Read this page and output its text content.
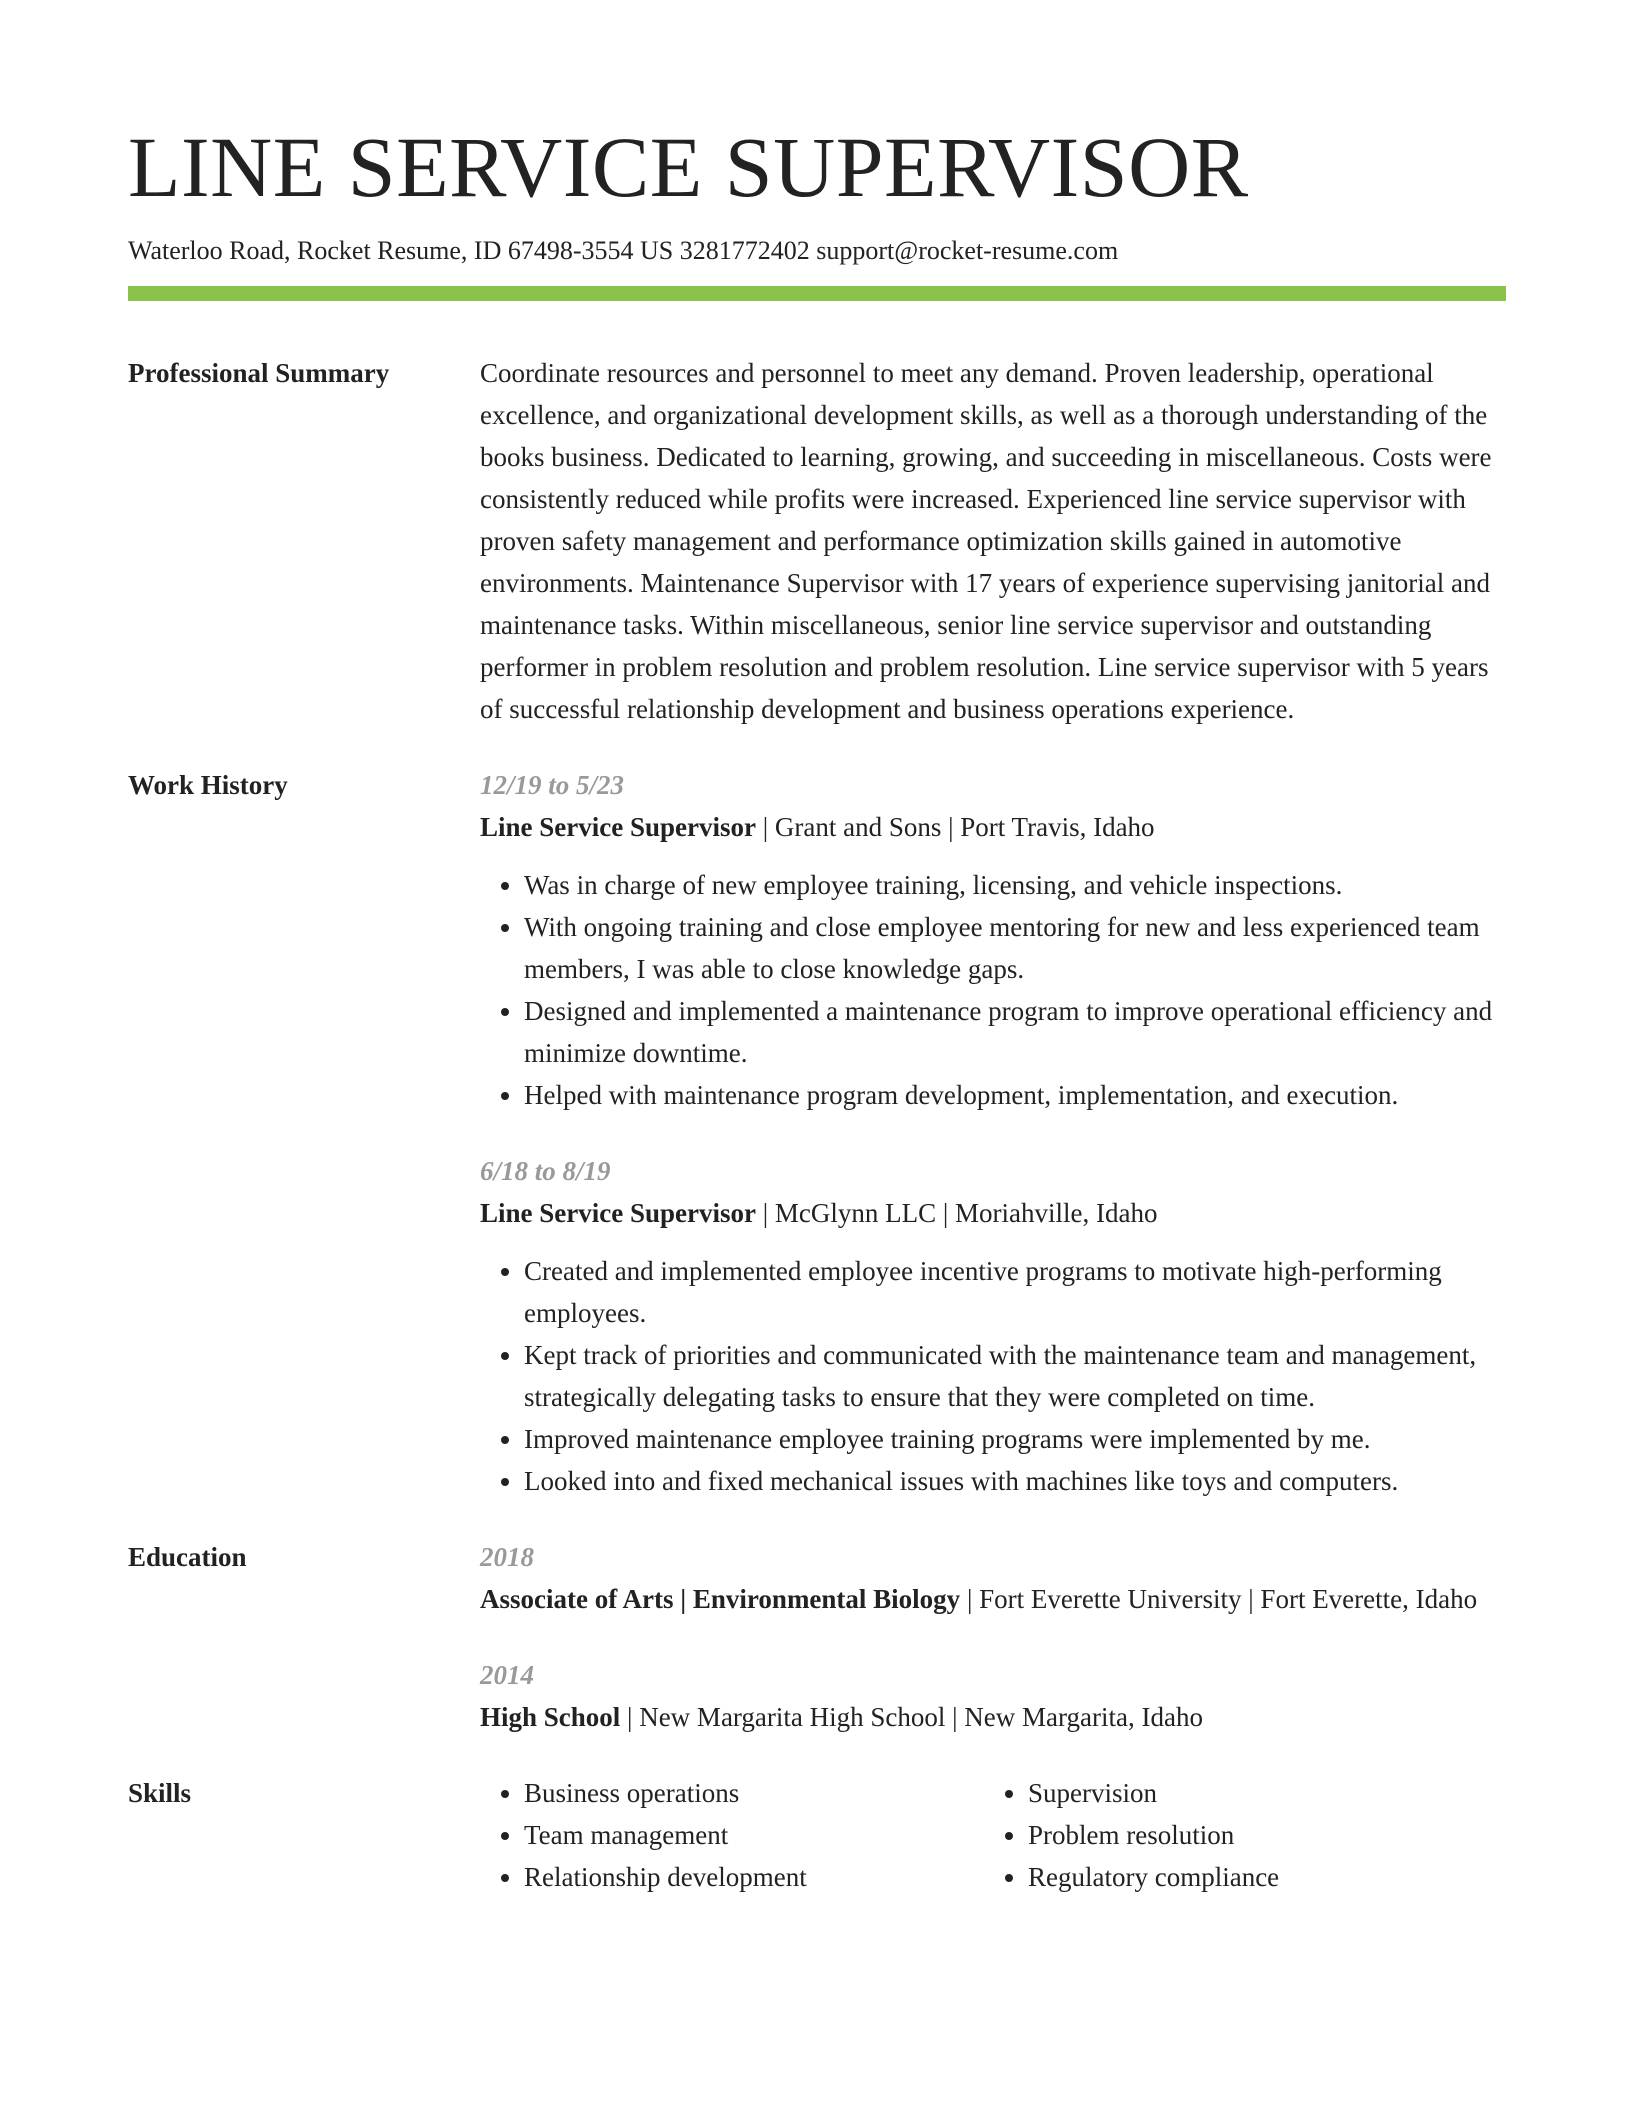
LINE SERVICE SUPERVISOR
Waterloo Road, Rocket Resume, ID 67498-3554 US 3281772402 support@rocket-resume.com
Professional Summary	Coordinate resources and personnel to meet any demand. Proven leadership, operational excellence, and organizational development skills, as well as a thorough understanding of the books business. Dedicated to learning, growing, and succeeding in miscellaneous. Costs were consistently reduced while profits were increased. Experienced line service supervisor with proven safety management and performance optimization skills gained in automotive environments. Maintenance Supervisor with 17 years of experience supervising janitorial and maintenance tasks. Within miscellaneous, senior line service supervisor and outstanding performer in problem resolution and problem resolution. Line service supervisor with 5 years of successful relationship development and business operations experience.

Work History	12/19 to 5/23
Line Service Supervisor | Grant and Sons | Port Travis, Idaho
• Was in charge of new employee training, licensing, and vehicle inspections.
• With ongoing training and close employee mentoring for new and less experienced team members, I was able to close knowledge gaps.
• Designed and implemented a maintenance program to improve operational efficiency and minimize downtime.
• Helped with maintenance program development, implementation, and execution.
6/18 to 8/19
Line Service Supervisor | McGlynn LLC | Moriahville, Idaho
• Created and implemented employee incentive programs to motivate high-performing employees.
• Kept track of priorities and communicated with the maintenance team and management, strategically delegating tasks to ensure that they were completed on time.
• Improved maintenance employee training programs were implemented by me.
• Looked into and fixed mechanical issues with machines like toys and computers.
Education	2018
Associate of Arts | Environmental Biology | Fort Everette University | Fort Everette, Idaho
2014
High School | New Margarita High School | New Margarita, Idaho
Skills
•	Business operations
• Team management
• Relationship development
• Supervision
• Problem resolution
• Regulatory compliance
